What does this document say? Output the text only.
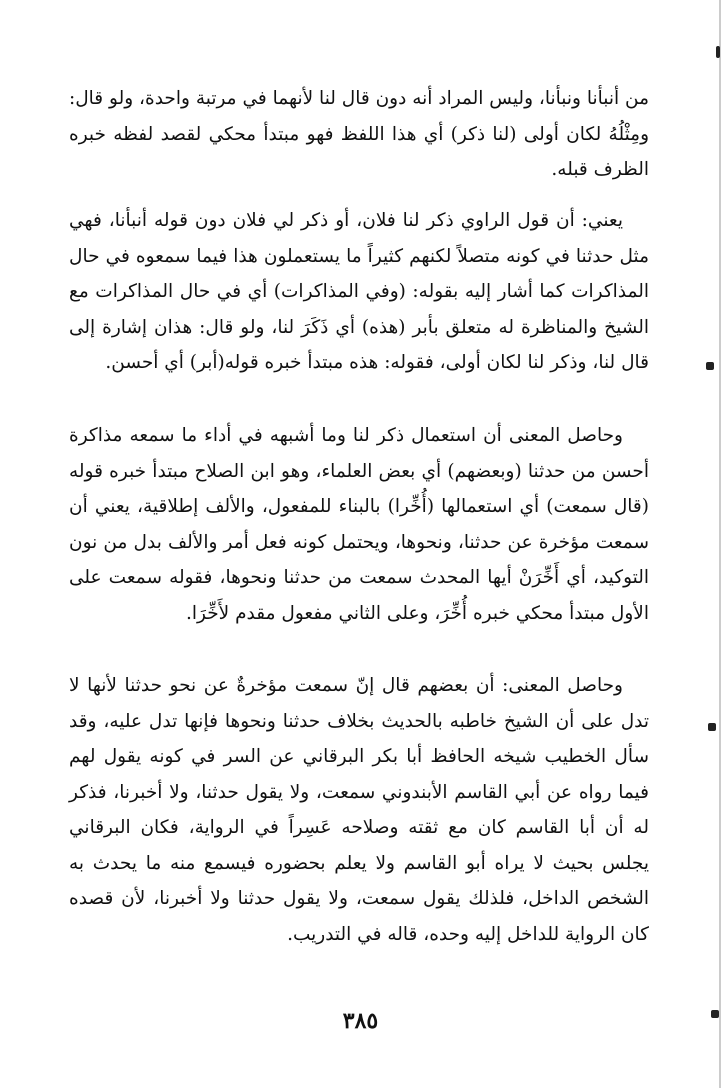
من أنبأنا ونبأنا، وليس المراد أنه دون قال لنا لأنهما في مرتبة واحدة، ولو قال: ومِثْلُهُ لكان أولى (لنا ذكر) أي هذا اللفظ فهو مبتدأ محكي لقصد لفظه خبره الظرف قبله.

يعني: أن قول الراوي ذكر لنا فلان، أو ذكر لي فلان دون قوله أنبأنا، فهي مثل حدثنا في كونه متصلاً لكنهم كثيراً ما يستعملون هذا فيما سمعوه في حال المذاكرات كما أشار إليه بقوله: (وفي المذاكرات) أي في حال المذاكرات مع الشيخ والمناظرة له متعلق بأبر (هذه) أي ذَكَرَ لنا، ولو قال: هذان إشارة إلى قال لنا، وذكر لنا لكان أولى، فقوله: هذه مبتدأ خبره قوله(أبر) أي أحسن.

وحاصل المعنى أن استعمال ذكر لنا وما أشبهه في أداء ما سمعه مذاكرة أحسن من حدثنا (وبعضهم) أي بعض العلماء، وهو ابن الصلاح مبتدأ خبره قوله (قال سمعت) أي استعمالها (أُخِّرا) بالبناء للمفعول، والألف إطلاقية، يعني أن سمعت مؤخرة عن حدثنا، ونحوها، ويحتمل كونه فعل أمر والألف بدل من نون التوكيد، أي أَخِّرَنْ أيها المحدث سمعت من حدثنا ونحوها، فقوله سمعت على الأول مبتدأ محكي خبره أُخِّرَ، وعلى الثاني مفعول مقدم لأَخِّرَا.

وحاصل المعنى: أن بعضهم قال إنّ سمعت مؤخرةٌ عن نحو حدثنا لأنها لا تدل على أن الشيخ خاطبه بالحديث بخلاف حدثنا ونحوها فإنها تدل عليه، وقد سأل الخطيب شيخه الحافظ أبا بكر البرقاني عن السر في كونه يقول لهم فيما رواه عن أبي القاسم الأبندوني سمعت، ولا يقول حدثنا، ولا أخبرنا، فذكر له أن أبا القاسم كان مع ثقته وصلاحه عَسِراً في الرواية، فكان البرقاني يجلس بحيث لا يراه أبو القاسم ولا يعلم بحضوره فيسمع منه ما يحدث به الشخص الداخل، فلذلك يقول سمعت، ولا يقول حدثنا ولا أخبرنا، لأن قصده كان الرواية للداخل إليه وحده، قاله في التدريب.

٣٨٥
